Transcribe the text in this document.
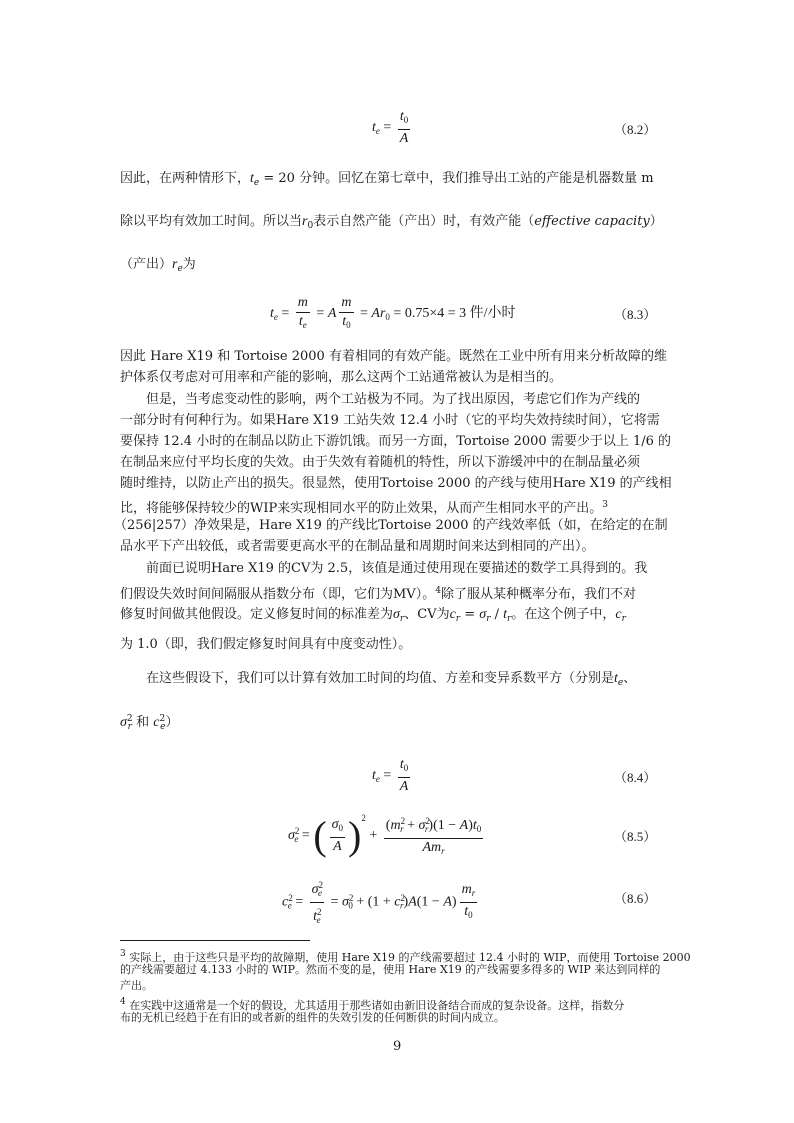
$t_e = \frac{t_0}{A}$	（8.2）
因此，在两种情形下，$t_e = 20$ 分钟。回忆在第七章中，我们推导出工站的产能是机器数量 m
除以平均有效加工时间。所以当$r_0$表示自然产能（产出）时，有效产能（effective capacity）
（产出）$r_e$为
$t_e = \frac{m}{t_e} = A \frac{m}{t_0} = Ar_0 = 0.75\times 4 = 3$ 件/小时	（8.3）
因此 Hare X19 和 Tortoise 2000 有着相同的有效产能。既然在工业中所有用来分析故障的维
护体系仅考虑对可用率和产能的影响，那么这两个工站通常被认为是相当的。
但是，当考虑变动性的影响，两个工站极为不同。为了找出原因，考虑它们作为产线的
一部分时有何种行为。如果Hare X19 工站失效 12.4 小时（它的平均失效持续时间），它将需
要保持 12.4 小时的在制品以防止下游饥饿。而另一方面，Tortoise 2000 需要少于以上 1/6 的
在制品来应付平均长度的失效。由于失效有着随机的特性，所以下游缓冲中的在制品量必须
随时维持，以防止产出的损失。很显然，使用Tortoise 2000 的产线与使用Hare X19 的产线相
比，将能够保持较少的WIP来实现相同水平的防止效果，从而产生相同水平的产出。$^3$
（256|257）净效果是，Hare X19 的产线比Tortoise 2000 的产线效率低（如，在给定的在制
品水平下产出较低，或者需要更高水平的在制品量和周期时间来达到相同的产出）。
前面已说明Hare X19 的CV为 2.5，该值是通过使用现在要描述的数学工具得到的。我
们假设失效时间间隔服从指数分布（即，它们为MV）。$^4$除了服从某种概率分布，我们不对
修复时间做其他假设。定义修复时间的标准差为$\sigma_r$、CV为$c_r = \sigma_r / t_r$。在这个例子中，$c_r$
为 1.0（即，我们假定修复时间具有中度变动性）。
在这些假设下，我们可以计算有效加工时间的均值、方差和变异系数平方（分别是$t_e$、
$\sigma^2_r$ 和 $c^2_e$）
$t_e = \frac{t_0}{A}$	（8.4）
$\sigma^2_e$ = ( $\frac{\sigma_0}{A} )^2 + \frac{(m^2_r + \sigma^2_r)(1 - A)t_0}{Am_r}$	（8.5）
$c^2_e = \frac{\sigma^2_e}{t^2_e} = \sigma^2_0 + (1 + c^2_r)A(1 - A) \frac{m_r}{t_0}$	（8.6）
$^3$ 实际上，由于这些只是平均的故障期，使用 Hare X19 的产线需要超过 12.4 小时的 WIP，而使用 Tortoise 2000
的产线需要超过 4.133 小时的 WIP。然而不变的是，使用 Hare X19 的产线需要多得多的 WIP 来达到同样的
产出。
$^4$ 在实践中这通常是一个好的假设，尤其适用于那些诸如由新旧设备结合而成的复杂设备。这样，指数分
布的无机已经趋于在有旧的或者新的组件的失效引发的任何断供的时间内成立。
9
